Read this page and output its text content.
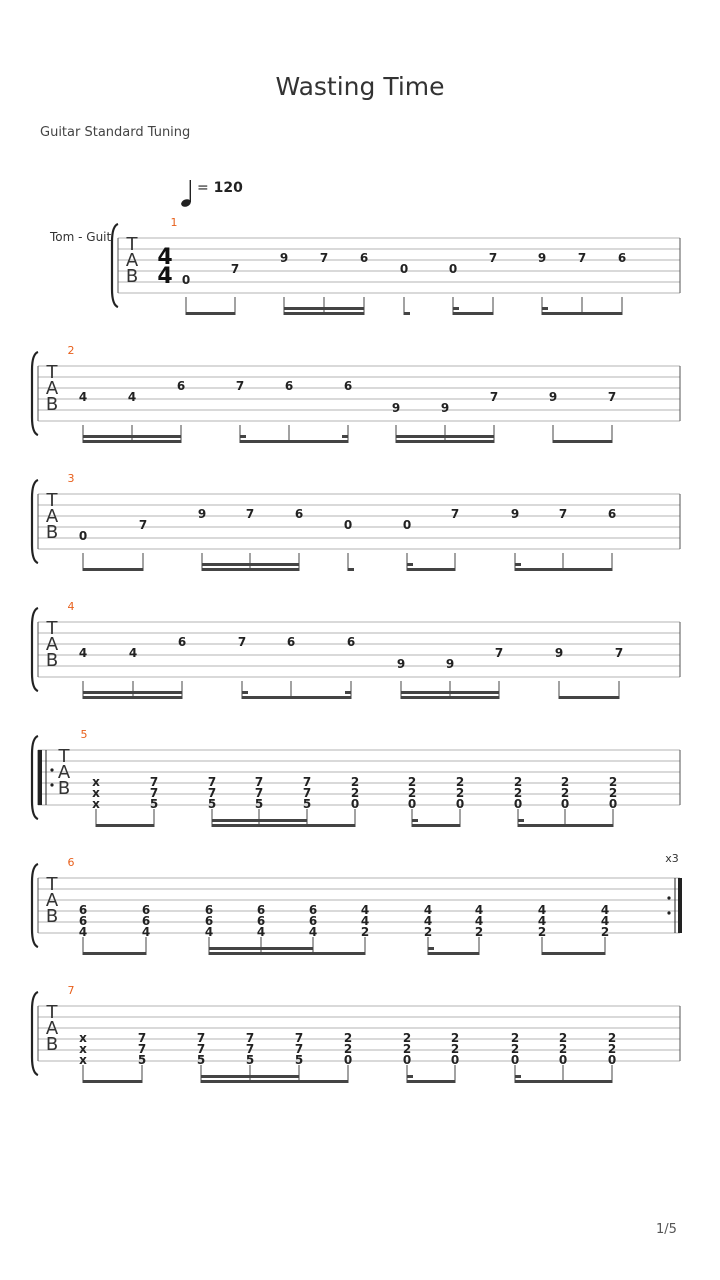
Wasting Time
Guitar Standard Tuning
= 120
Tom - Guit T
A
B
1
4
4 0
7
9	7	6
0	0
7	9	7	6
T
A
B
2
4	4
6	7	6	6
9	9
7	9	7
T
A
B
3
0
7
9	7	6
0	0
7	9	7	6
T
A
B
4
4	4
6	7	6	6
9	9
7	9	7
T
A
B
5
x
x
x
7
7
5
7
7
5
7
7
5
7
7
5
2
2
0
2
2
0
2
2
0
2
2
0
2
2
0
2
2
0
T
A
B
6	x3
6
6
4
6
6
4
6
6
4
6
6
4
6
6
4
4
4
2
4
4
2
4
4
2
4
4
2
4
4
2
T
A
B
7
x
x
x
7
7
5
7
7
5
7
7
5
7
7
5
2
2
0
2
2
0
2
2
0
2
2
0
2
2
0
2
2
0
1/5
